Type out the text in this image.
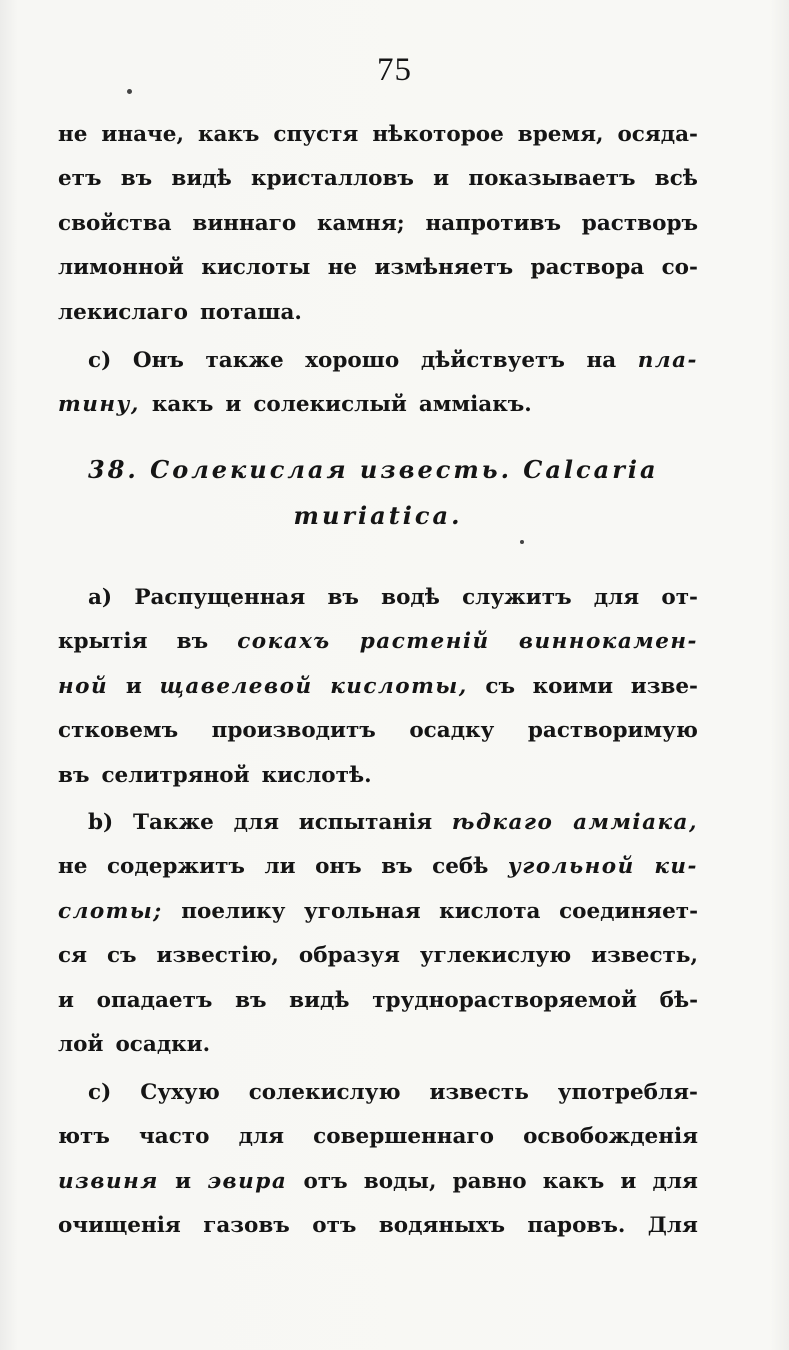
75
не иначе, какъ спустя нѣкоторое время, осяда-
етъ въ видѣ кристалловъ и показываетъ всѣ
свойства виннаго камня; напротивъ растворъ
лимонной кислоты не измѣняетъ раствора со-
лекислаго поташа.
с) Онъ также хорошо дѣйствуетъ на пла-
тину, какъ и солекислый амміакъ.
38. Солекислая известь. Calcaria
muriatica.
а) Распущенная въ водѣ служитъ для от-
крытія въ сокахъ растеній виннокамен-
ной и щавелевой кислоты, съ коими изве-
стковемъ производитъ осадку растворимую
въ селитряной кислотѣ.
b) Также для испытанія ѣдкаго амміака,
не содержитъ ли онъ въ себѣ угольной ки-
слоты; поелику угольная кислота соединяет-
ся съ известію, образуя углекислую известь,
и опадаетъ въ видѣ трудноpастворяемой бѣ-
лой осадки.
с) Сухую солекислую известь употребля-
ютъ часто для совершеннаго освобожденія
извиня и эвира отъ воды, равно какъ и для
очищенія газовъ отъ водяныхъ паровъ. Для
